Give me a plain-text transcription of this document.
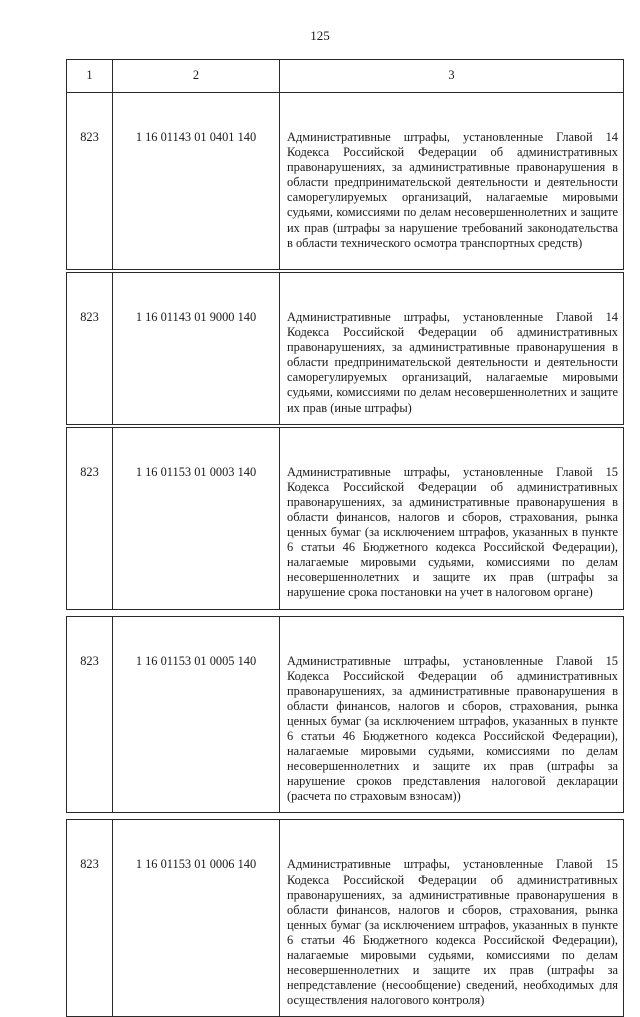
125
1	2	3
823	1 16 01143 01 0401 140	Административные штрафы, установленные Главой 14 Кодекса Российской Федерации об административных правонарушениях, за административные правонарушения в области предпринимательской деятельности и деятельности саморегулируемых организаций, налагаемые мировыми судьями, комиссиями по делам несовершеннолетних и защите их прав (штрафы за нарушение требований законодательства в области технического осмотра транспортных средств)

823	1 16 01143 01 9000 140	Административные штрафы, установленные Главой 14 Кодекса Российской Федерации об административных правонарушениях, за административные правонарушения в области предпринимательской деятельности и деятельности саморегулируемых организаций, налагаемые мировыми судьями, комиссиями по делам несовершеннолетних и защите их прав (иные штрафы)

823	1 16 01153 01 0003 140	Административные штрафы, установленные Главой 15 Кодекса Российской Федерации об административных правонарушениях, за административные правонарушения в области финансов, налогов и сборов, страхования, рынка ценных бумаг (за исключением штрафов, указанных в пункте 6 статьи 46 Бюджетного кодекса Российской Федерации), налагаемые мировыми судьями, комиссиями по делам несовершеннолетних и защите их прав (штрафы за нарушение срока постановки на учет в налоговом органе)

823	1 16 01153 01 0005 140	Административные штрафы, установленные Главой 15 Кодекса Российской Федерации об административных правонарушениях, за административные правонарушения в области финансов, налогов и сборов, страхования, рынка ценных бумаг (за исключением штрафов, указанных в пункте 6 статьи 46 Бюджетного кодекса Российской Федерации), налагаемые мировыми судьями, комиссиями по делам несовершеннолетних и защите их прав (штрафы за нарушение сроков представления налоговой декларации (расчета по страховым взносам))

823	1 16 01153 01 0006 140	Административные штрафы, установленные Главой 15 Кодекса Российской Федерации об административных правонарушениях, за административные правонарушения в области финансов, налогов и сборов, страхования, рынка ценных бумаг (за исключением штрафов, указанных в пункте 6 статьи 46 Бюджетного кодекса Российской Федерации), налагаемые мировыми судьями, комиссиями по делам несовершеннолетних и защите их прав (штрафы за непредставление (несообщение) сведений, необходимых для осуществления налогового контроля)
